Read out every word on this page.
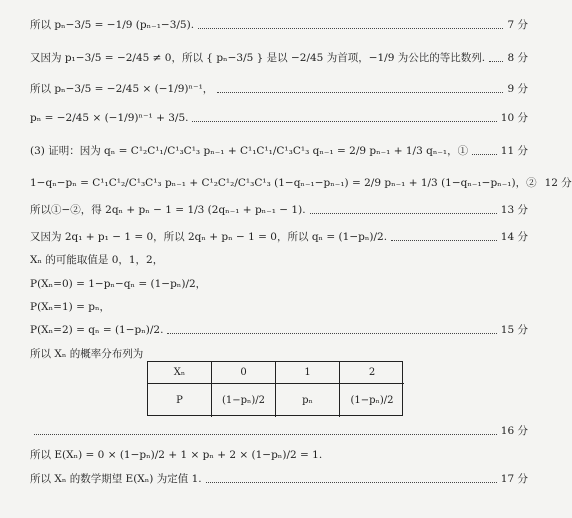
所以 pₙ−3/5 = −1/9 (pₙ₋₁−3/5).	7 分
又因为 p₁−3/5 = −2/45 ≠ 0，所以 { pₙ−3/5 } 是以 −2/45 为首项，−1/9 为公比的等比数列. 8 分
所以 pₙ−3/5 = −2/45 × (−1/9)ⁿ⁻¹，	9 分
pₙ = −2/45 × (−1/9)ⁿ⁻¹ + 3/5.	10 分
(3) 证明：因为 qₙ = C¹₂C¹₁/C¹₃C¹₃ pₙ₋₁ + C¹₁C¹₁/C¹₃C¹₃ qₙ₋₁ = 2/9 pₙ₋₁ + 1/3 qₙ₋₁，①	11 分
1−qₙ−pₙ = C¹₁C¹₂/C¹₃C¹₃ pₙ₋₁ + C¹₂C¹₂/C¹₃C¹₃ (1−qₙ₋₁−pₙ₋₁) = 2/9 pₙ₋₁ + 1/3 (1−qₙ₋₁−pₙ₋₁)，② 12 分
所以①−②，得 2qₙ + pₙ − 1 = 1/3 (2qₙ₋₁ + pₙ₋₁ − 1).	13 分
又因为 2q₁ + p₁ − 1 = 0，所以 2qₙ + pₙ − 1 = 0，所以 qₙ = (1−pₙ)/2.	14 分
Xₙ 的可能取值是 0，1，2，
P(Xₙ=0) = 1−pₙ−qₙ = (1−pₙ)/2，
P(Xₙ=1) = pₙ，
P(Xₙ=2) = qₙ = (1−pₙ)/2.	15 分
所以 Xₙ 的概率分布列为
Xₙ	0	1	2
P	(1−pₙ)/2	pₙ	(1−pₙ)/2
16 分
所以 E(Xₙ) = 0 × (1−pₙ)/2 + 1 × pₙ + 2 × (1−pₙ)/2 = 1.
所以 Xₙ 的数学期望 E(Xₙ) 为定值 1.	17 分
